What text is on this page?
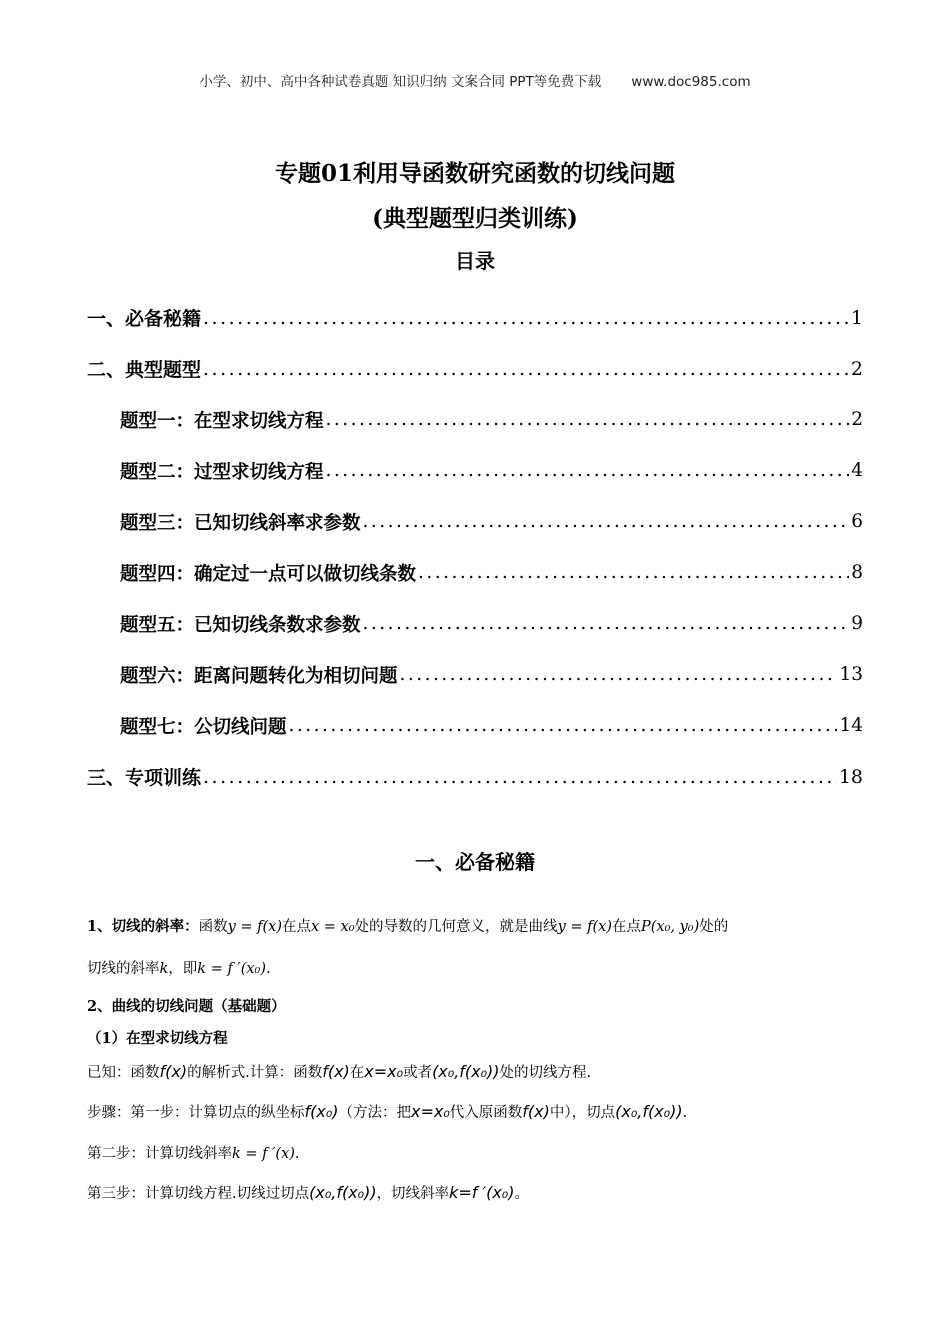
小学、初中、高中各种试卷真题 知识归纳 文案合同 PPT等免费下载 www.doc985.com
专题01利用导函数研究函数的切线问题
(典型题型归类训练)
目录
一、必备秘籍 .....	1
二、典型题型 .....	2
题型一：在型求切线方程 .....	2
题型二：过型求切线方程 .....	4
题型三：已知切线斜率求参数 .....	6
题型四：确定过一点可以做切线条数 .....	8
题型五：已知切线条数求参数 .....	9
题型六：距离问题转化为相切问题 .....	13
题型七：公切线问题 .....	14
三、专项训练 .....	18
一、必备秘籍
1、切线的斜率：函数y = f(x)在点x = x₀处的导数的几何意义，就是曲线y = f(x)在点P(x₀, y₀)处的
切线的斜率k，即k = f ′(x₀).
2、曲线的切线问题（基础题）
（1）在型求切线方程
已知：函数f(x)的解析式.计算：函数f(x)在x=x₀或者(x₀,f(x₀))处的切线方程.
步骤：第一步：计算切点的纵坐标f(x₀)（方法：把x=x₀代入原函数f(x)中），切点(x₀,f(x₀)).
第二步：计算切线斜率k = f ′(x).
第三步：计算切线方程.切线过切点(x₀,f(x₀))，切线斜率k=f ′(x₀)。
